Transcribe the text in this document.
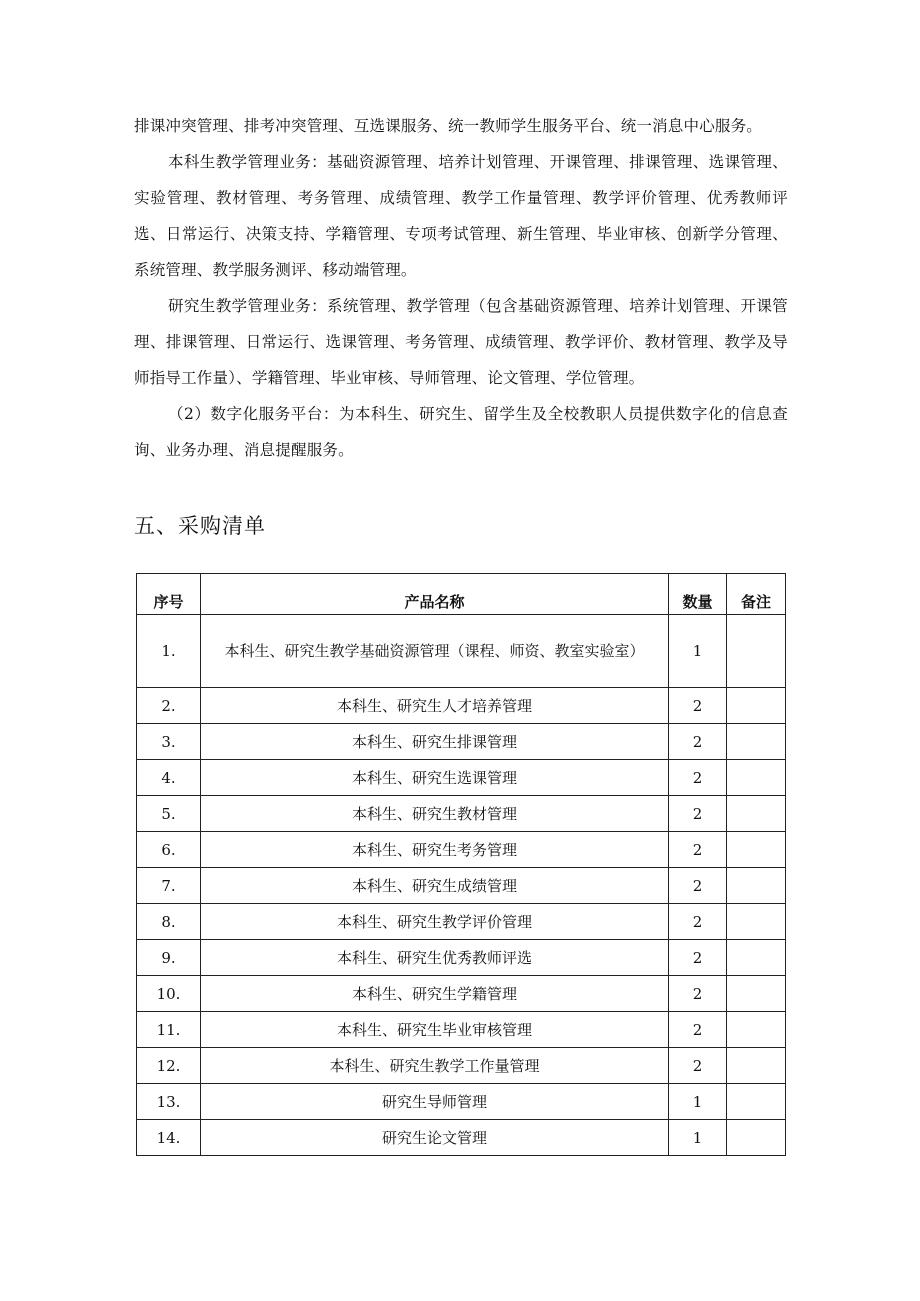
排课冲突管理、排考冲突管理、互选课服务、统一教师学生服务平台、统一消息中心服务。

本科生教学管理业务：基础资源管理、培养计划管理、开课管理、排课管理、选课管理、实验管理、教材管理、考务管理、成绩管理、教学工作量管理、教学评价管理、优秀教师评选、日常运行、决策支持、学籍管理、专项考试管理、新生管理、毕业审核、创新学分管理、系统管理、教学服务测评、移动端管理。

研究生教学管理业务：系统管理、教学管理（包含基础资源管理、培养计划管理、开课管理、排课管理、日常运行、选课管理、考务管理、成绩管理、教学评价、教材管理、教学及导师指导工作量）、学籍管理、毕业审核、导师管理、论文管理、学位管理。

（2）数字化服务平台：为本科生、研究生、留学生及全校教职人员提供数字化的信息查询、业务办理、消息提醒服务。

五、采购清单
序号	产品名称	数量	备注
1.	本科生、研究生教学基础资源管理（课程、师资、教室实验室）	1	
2.	本科生、研究生人才培养管理	2	
3.	本科生、研究生排课管理	2	
4.	本科生、研究生选课管理	2	
5.	本科生、研究生教材管理	2	
6.	本科生、研究生考务管理	2	
7.	本科生、研究生成绩管理	2	
8.	本科生、研究生教学评价管理	2	
9.	本科生、研究生优秀教师评选	2	
10.	本科生、研究生学籍管理	2	
11.	本科生、研究生毕业审核管理	2	
12.	本科生、研究生教学工作量管理	2	
13.	研究生导师管理	1	
14.	研究生论文管理	1	
